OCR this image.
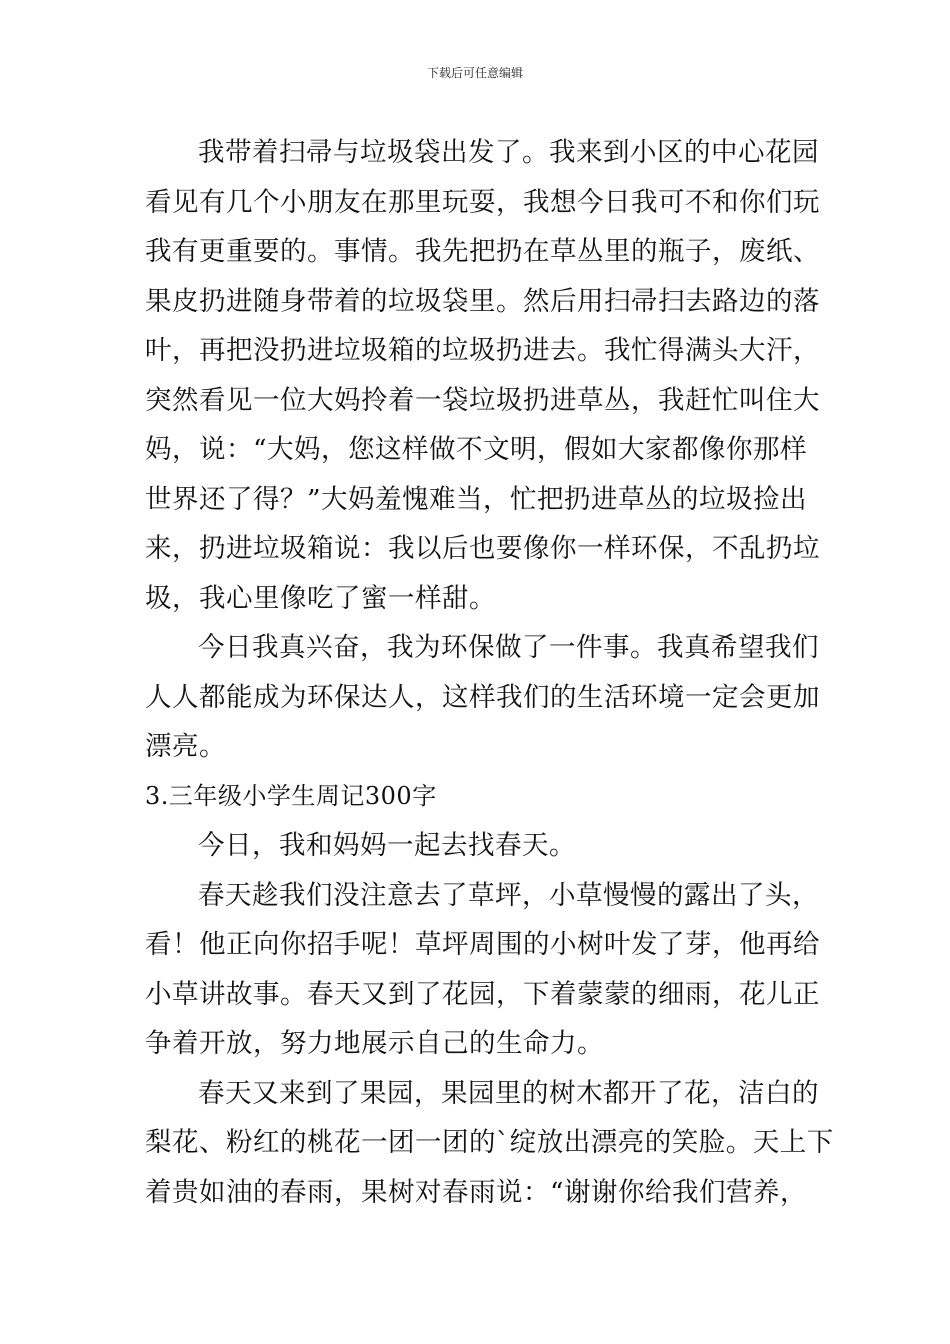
下载后可任意编辑
我带着扫帚与垃圾袋出发了。我来到小区的中心花园
看见有几个小朋友在那里玩耍，我想今日我可不和你们玩
我有更重要的。事情。我先把扔在草丛里的瓶子，废纸、
果皮扔进随身带着的垃圾袋里。然后用扫帚扫去路边的落
叶，再把没扔进垃圾箱的垃圾扔进去。我忙得满头大汗，
突然看见一位大妈拎着一袋垃圾扔进草丛，我赶忙叫住大
妈，说：“大妈，您这样做不文明，假如大家都像你那样
世界还了得？”大妈羞愧难当，忙把扔进草丛的垃圾捡出
来，扔进垃圾箱说：我以后也要像你一样环保，不乱扔垃
圾，我心里像吃了蜜一样甜。
今日我真兴奋，我为环保做了一件事。我真希望我们
人人都能成为环保达人，这样我们的生活环境一定会更加
漂亮。
3.三年级小学生周记300字
今日，我和妈妈一起去找春天。
春天趁我们没注意去了草坪，小草慢慢的露出了头，
看！他正向你招手呢！草坪周围的小树叶发了芽，他再给
小草讲故事。春天又到了花园，下着蒙蒙的细雨，花儿正
争着开放，努力地展示自己的生命力。
春天又来到了果园，果园里的树木都开了花，洁白的
梨花、粉红的桃花一团一团的`绽放出漂亮的笑脸。天上下
着贵如油的春雨，果树对春雨说：“谢谢你给我们营养，
